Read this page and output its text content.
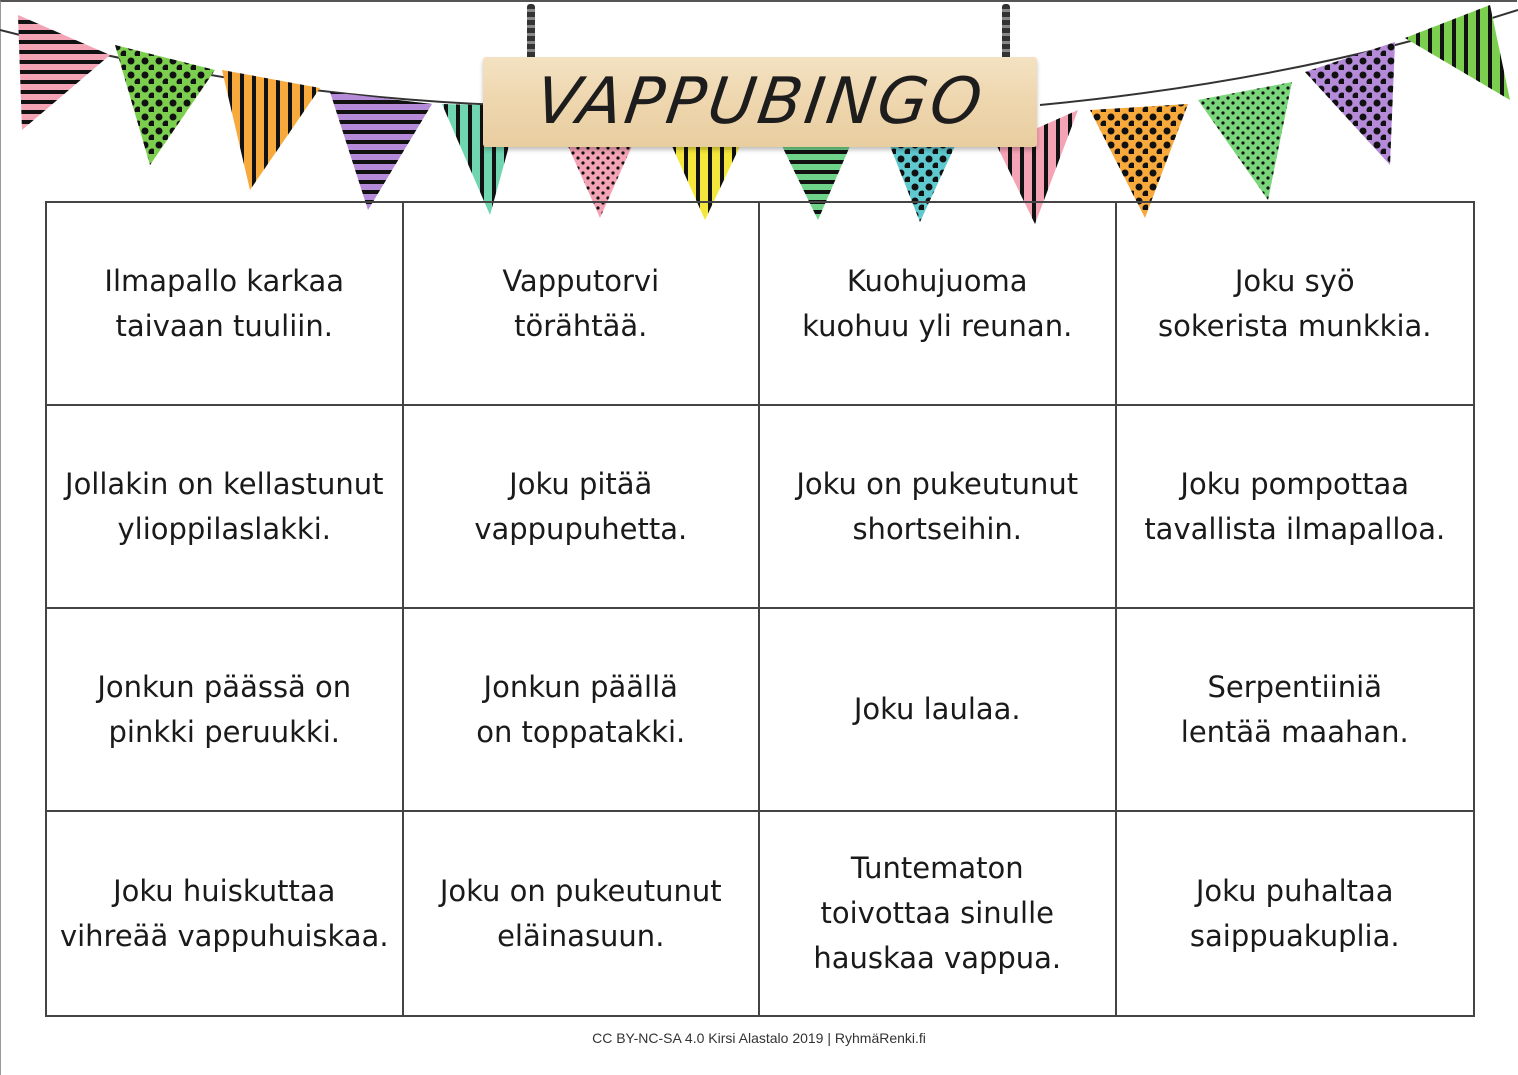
VAPPUBINGO
Ilmapallo karkaa
taivaan tuuliin.
Vapputorvi
törähtää.
Kuohujuoma
kuohuu yli reunan.
Joku syö
sokerista munkkia.
Jollakin on kellastunut
ylioppilaslakki.
Joku pitää
vappupuhetta.
Joku on pukeutunut
shortseihin.
Joku pompottaa
tavallista ilmapalloa.
Jonkun päässä on
pinkki peruukki.
Jonkun päällä
on toppatakki.
Joku laulaa.
Serpentiiniä
lentää maahan.
Joku huiskuttaa
vihreää vappuhuiskaa.
Joku on pukeutunut
eläinasuun.
Tuntematon
toivottaa sinulle
hauskaa vappua.
Joku puhaltaa
saippuakuplia.
CC BY-NC-SA 4.0 Kirsi Alastalo 2019 | RyhmäRenki.fi
